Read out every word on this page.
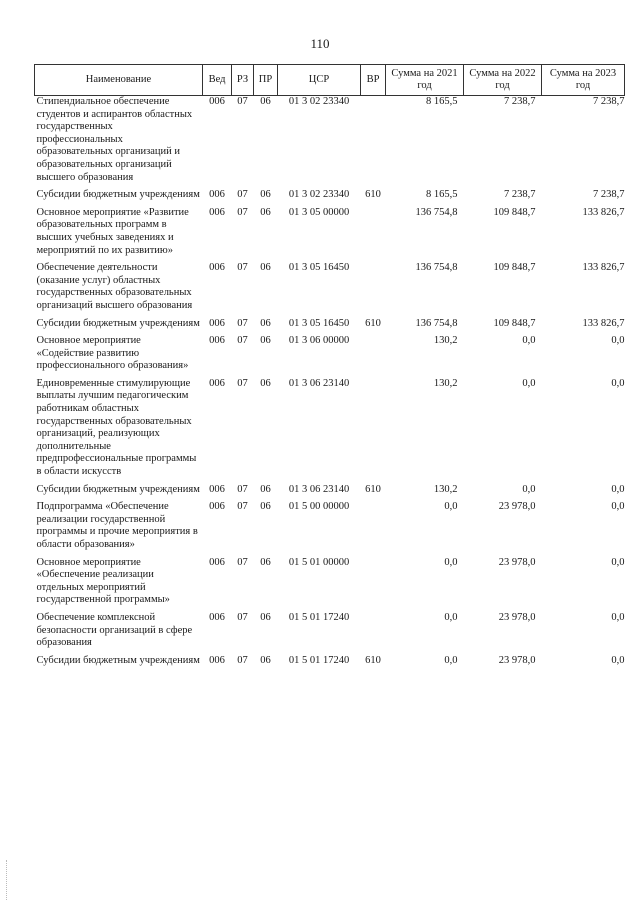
110
Наименование	Вед	РЗ	ПР	ЦСР	ВР	Сумма на 2021 год	Сумма на 2022 год	Сумма на 2023 год
Стипендиальное обеспечение студентов и аспирантов областных государственных профессиональных образовательных организаций и образовательных организаций высшего образования	006	07	06	01 3 02 23340		8 165,5	7 238,7	7 238,7

Субсидии бюджетным учреждениям	006	07	06	01 3 02 23340	610	8 165,5	7 238,7	7 238,7

Основное мероприятие «Развитие образовательных программ в высших учебных заведениях и мероприятий по их развитию»	006	07	06	01 3 05 00000		136 754,8	109 848,7	133 826,7

Обеспечение деятельности (оказание услуг) областных государственных образовательных организаций высшего образования	006	07	06	01 3 05 16450		136 754,8	109 848,7	133 826,7

Субсидии бюджетным учреждениям	006	07	06	01 3 05 16450	610	136 754,8	109 848,7	133 826,7

Основное мероприятие «Содействие развитию профессионального образования»	006	07	06	01 3 06 00000		130,2	0,0	0,0

Единовременные стимулирующие выплаты лучшим педагогическим работникам областных государственных образовательных организаций, реализующих дополнительные предпрофессиональные программы в области искусств	006	07	06	01 3 06 23140		130,2	0,0	0,0

Субсидии бюджетным учреждениям	006	07	06	01 3 06 23140	610	130,2	0,0	0,0

Подпрограмма «Обеспечение реализации государственной программы и прочие мероприятия в области образования»	006	07	06	01 5 00 00000		0,0	23 978,0	0,0

Основное мероприятие «Обеспечение реализации отдельных мероприятий государственной программы»	006	07	06	01 5 01 00000		0,0	23 978,0	0,0

Обеспечение комплексной безопасности организаций в сфере образования	006	07	06	01 5 01 17240		0,0	23 978,0	0,0

Субсидии бюджетным учреждениям	006	07	06	01 5 01 17240	610	0,0	23 978,0	0,0
